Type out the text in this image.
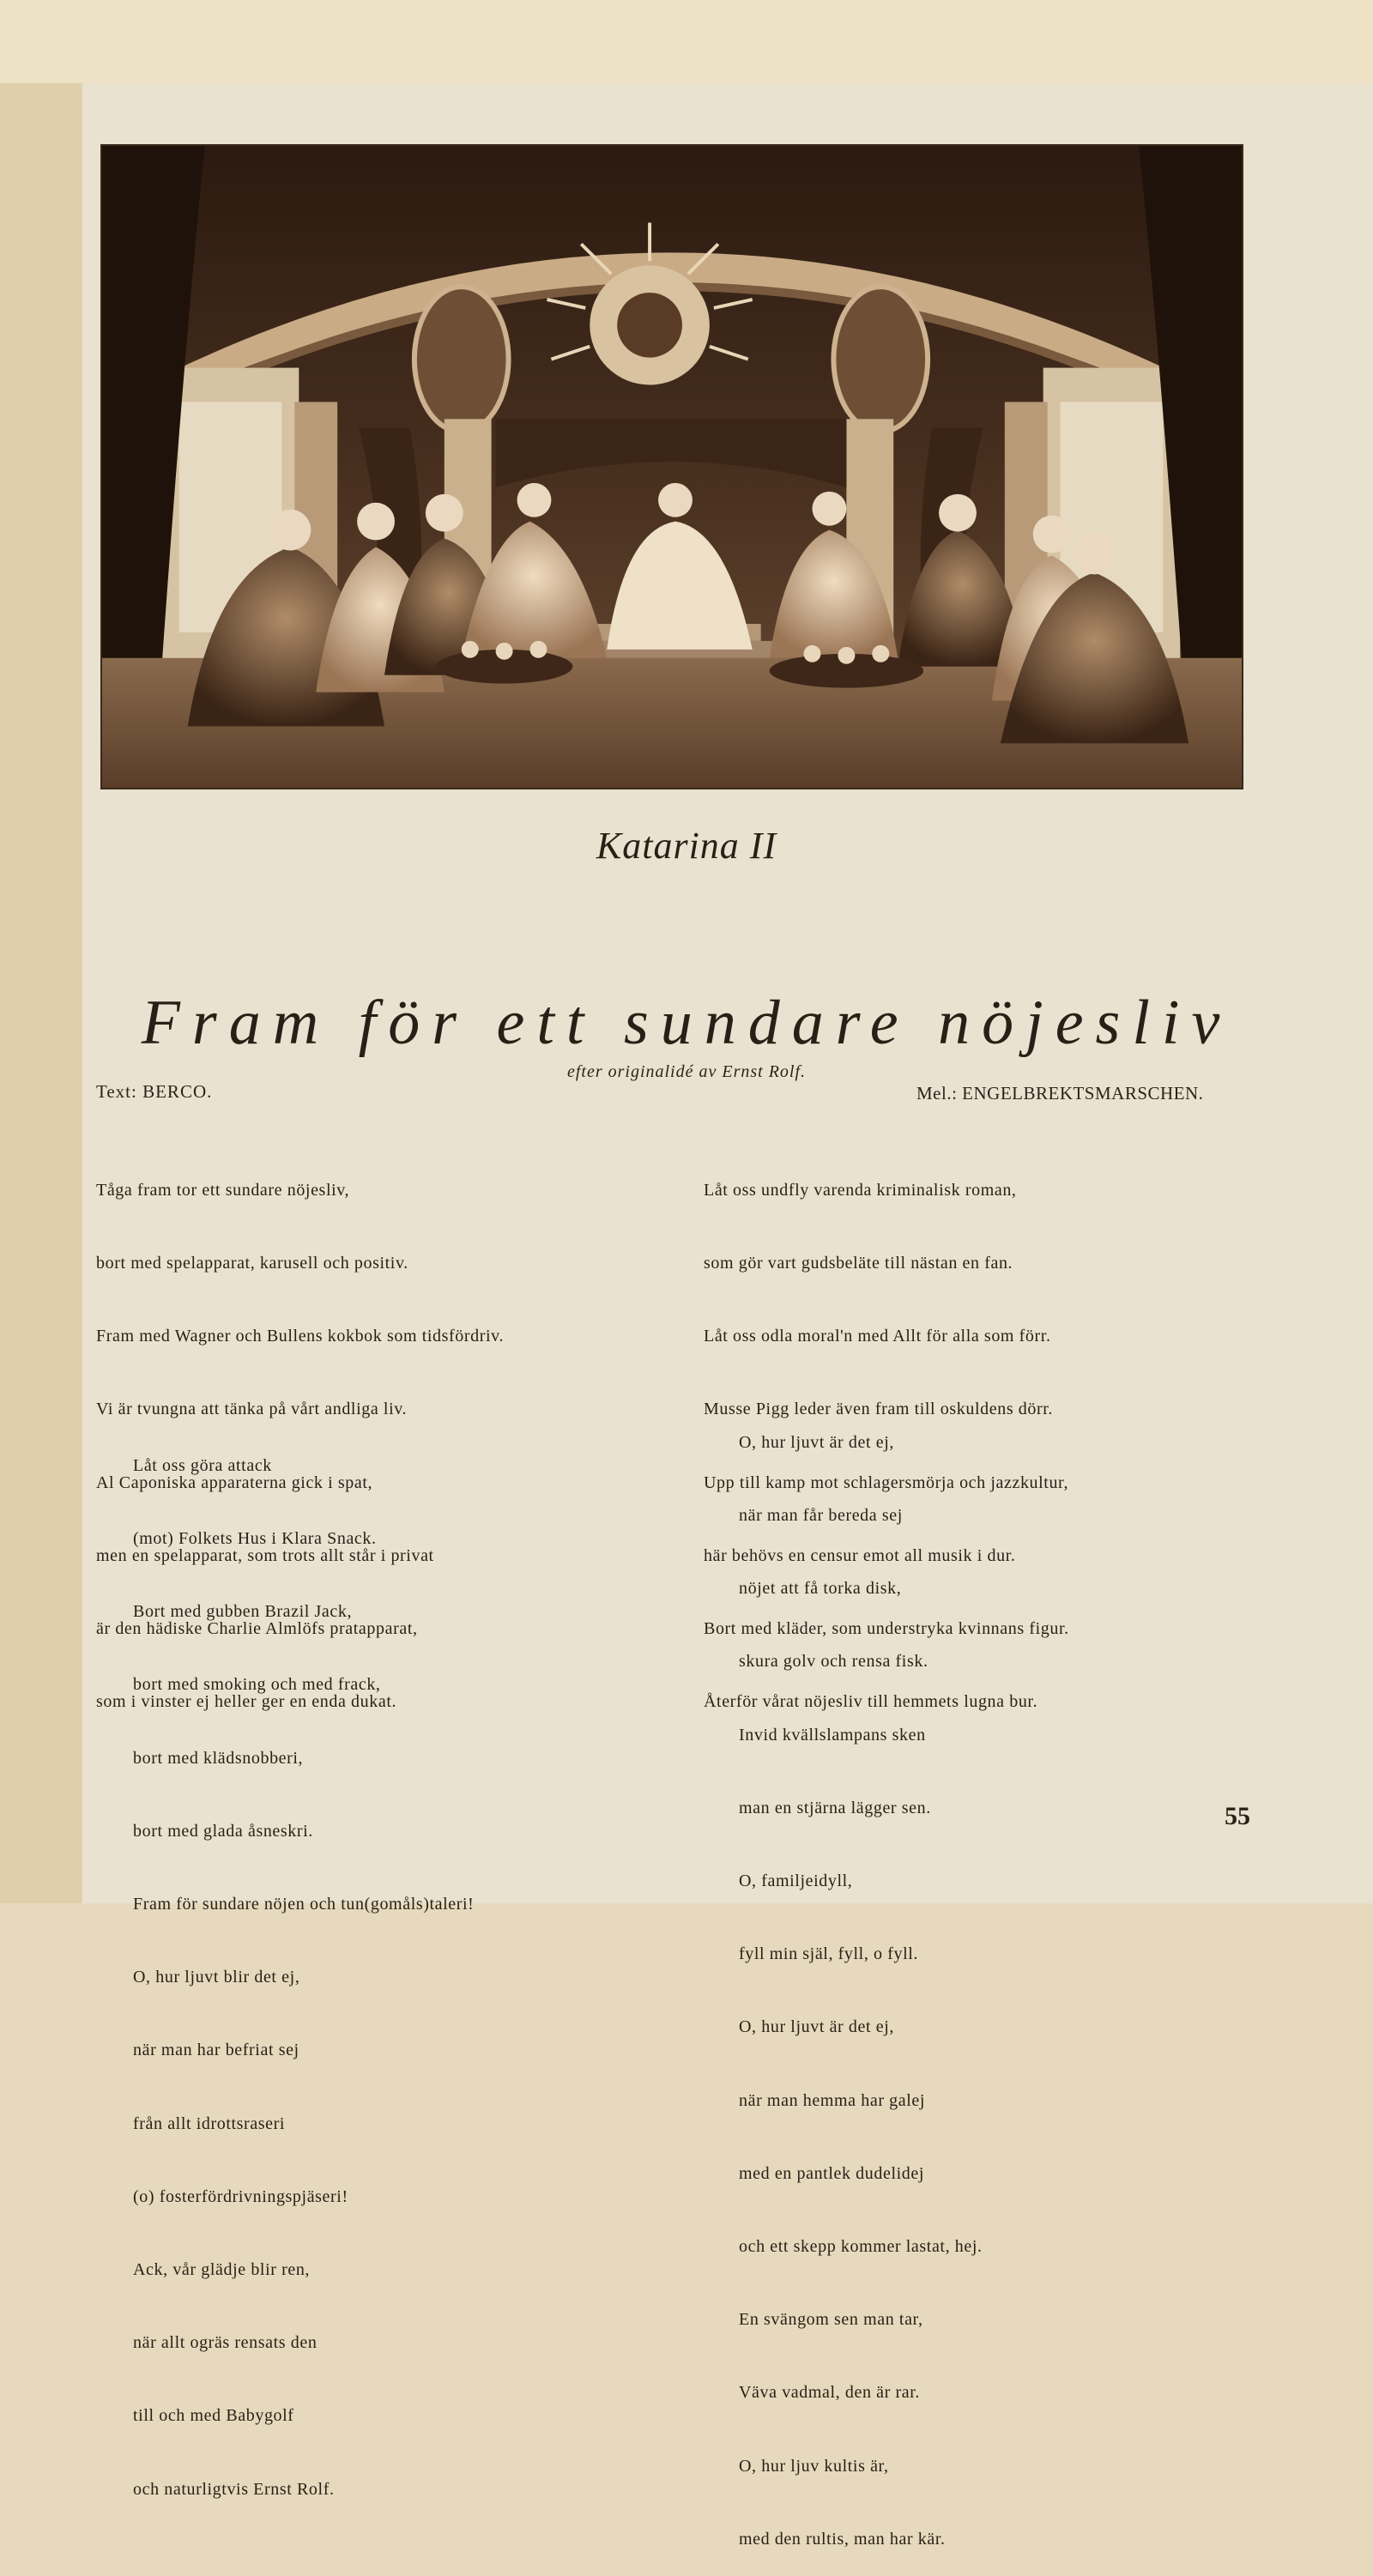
Katarina II
Fram för ett sundare nöjesliv
efter originalidé av Ernst Rolf.
Text: BERCO.	Mel.: ENGELBREKTSMARSCHEN.

Tåga fram tor ett sundare nöjesliv,

bort med spelapparat, karusell och positiv.

Fram med Wagner och Bullens kokbok som tidsfördriv.

Vi är tvungna att tänka på vårt andliga liv.

Al Caponiska apparaterna gick i spat,

men en spelapparat, som trots allt står i privat

är den hädiske Charlie Almlöfs pratapparat,

som i vinster ej heller ger en enda dukat.

Låt oss undfly varenda kriminalisk roman,

som gör vart gudsbeläte till nästan en fan.

Låt oss odla moral'n med Allt för alla som förr.

Musse Pigg leder även fram till oskuldens dörr.

Upp till kamp mot schlagersmörja och jazzkultur,

här behövs en censur emot all musik i dur.

Bort med kläder, som understryka kvinnans figur.

Återför vårat nöjesliv till hemmets lugna bur.

Låt oss göra attack

(mot) Folkets Hus i Klara Snack.

Bort med gubben Brazil Jack,

bort med smoking och med frack,

bort med klädsnobberi,

bort med glada åsneskri.

Fram för sundare nöjen och tun(gomåls)taleri!

O, hur ljuvt blir det ej,

när man har befriat sej

från allt idrottsraseri

(o) fosterfördrivningspjäseri!

Ack, vår glädje blir ren,

när allt ogräs rensats den

till och med Babygolf

och naturligtvis Ernst Rolf.

O, hur ljuvt är det ej,

när man får bereda sej

nöjet att få torka disk,

skura golv och rensa fisk.

Invid kvällslampans sken

man en stjärna lägger sen.

O, familjeidyll,

fyll min själ, fyll, o fyll.

O, hur ljuvt är det ej,

när man hemma har galej

med en pantlek dudelidej

och ett skepp kommer lastat, hej.

En svängom sen man tar,

Väva vadmal, den är rar.

O, hur ljuv kultis är,

med den rultis, man har kär.

55
